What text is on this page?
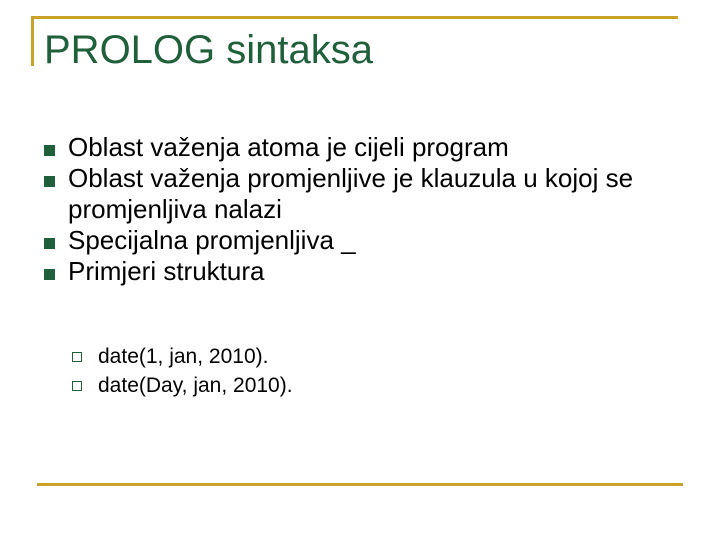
PROLOG sintaksa
Oblast važenja atoma je cijeli program
Oblast važenja promjenljive je klauzula u kojoj se promjenljiva nalazi
Specijalna promjenljiva _
Primjeri struktura
date(1, jan, 2010).
date(Day, jan, 2010).
